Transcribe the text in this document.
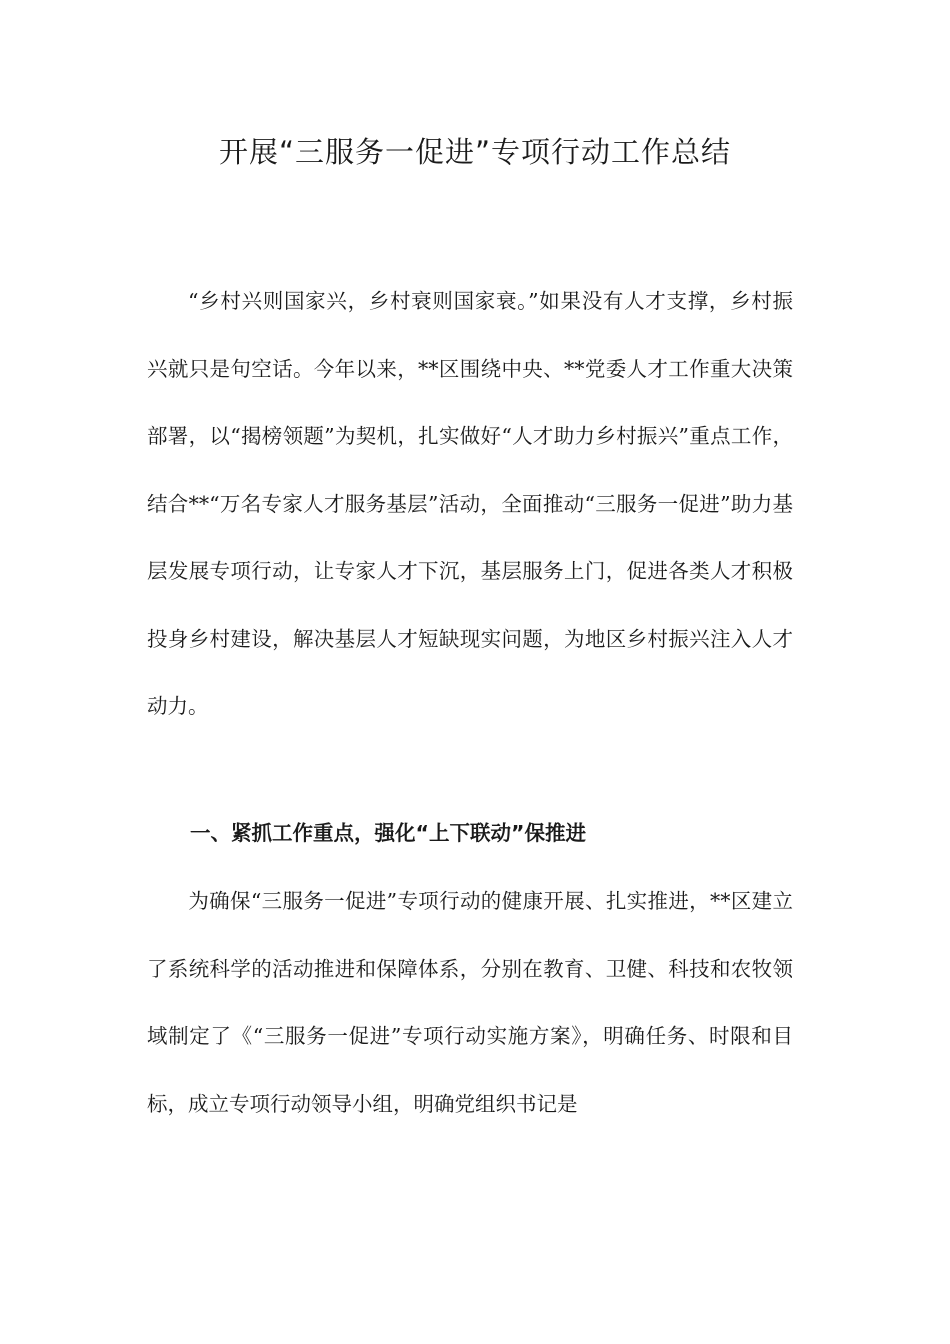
开展“三服务一促进”专项行动工作总结

“乡村兴则国家兴，乡村衰则国家衰。”如果没有人才支撑，乡村振兴就只是句空话。今年以来，**区围绕中央、**党委人才工作重大决策部署，以“揭榜领题”为契机，扎实做好“人才助力乡村振兴”重点工作，结合**“万名专家人才服务基层”活动，全面推动“三服务一促进”助力基层发展专项行动，让专家人才下沉，基层服务上门，促进各类人才积极投身乡村建设，解决基层人才短缺现实问题，为地区乡村振兴注入人才动力。

一、紧抓工作重点，强化“上下联动”保推进

为确保“三服务一促进”专项行动的健康开展、扎实推进，**区建立了系统科学的活动推进和保障体系，分别在教育、卫健、科技和农牧领域制定了《“三服务一促进”专项行动实施方案》，明确任务、时限和目标，成立专项行动领导小组，明确党组织书记是
